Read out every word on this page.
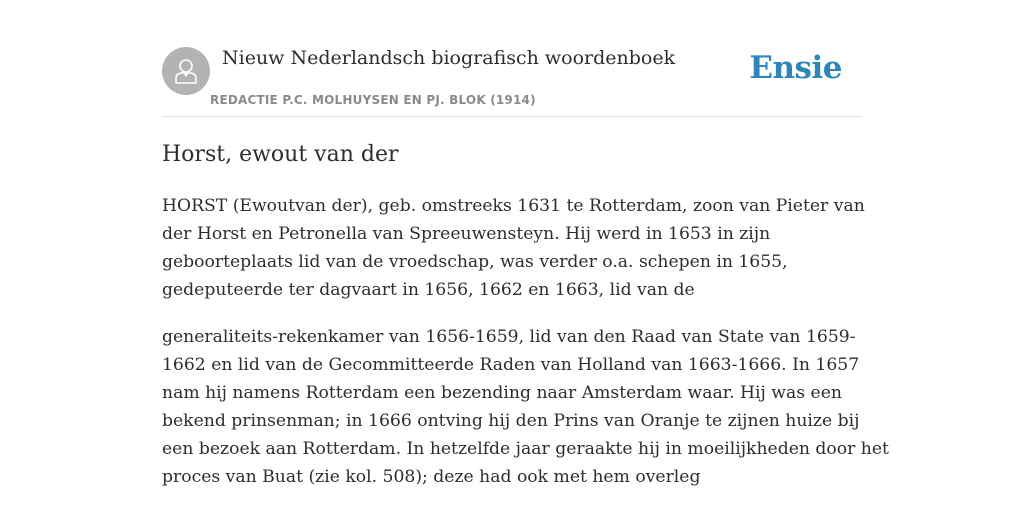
Nieuw Nederlandsch biografisch woordenboek
REDACTIE P.C. MOLHUYSEN EN PJ. BLOK (1914)
Ensie
Horst, ewout van der

HORST (Ewoutvan der), geb. omstreeks 1631 te Rotterdam, zoon van Pieter van
der Horst en Petronella van Spreeuwensteyn. Hij werd in 1653 in zijn
geboorteplaats lid van de vroedschap, was verder o.a. schepen in 1655,
gedeputeerde ter dagvaart in 1656, 1662 en 1663, lid van de

generaliteits-rekenkamer van 1656-1659, lid van den Raad van State van 1659-
1662 en lid van de Gecommitteerde Raden van Holland van 1663-1666. In 1657
nam hij namens Rotterdam een bezending naar Amsterdam waar. Hij was een
bekend prinsenman; in 1666 ontving hij den Prins van Oranje te zijnen huize bij
een bezoek aan Rotterdam. In hetzelfde jaar geraakte hij in moeilijkheden door het
proces van Buat (zie kol. 508); deze had ook met hem overleg
